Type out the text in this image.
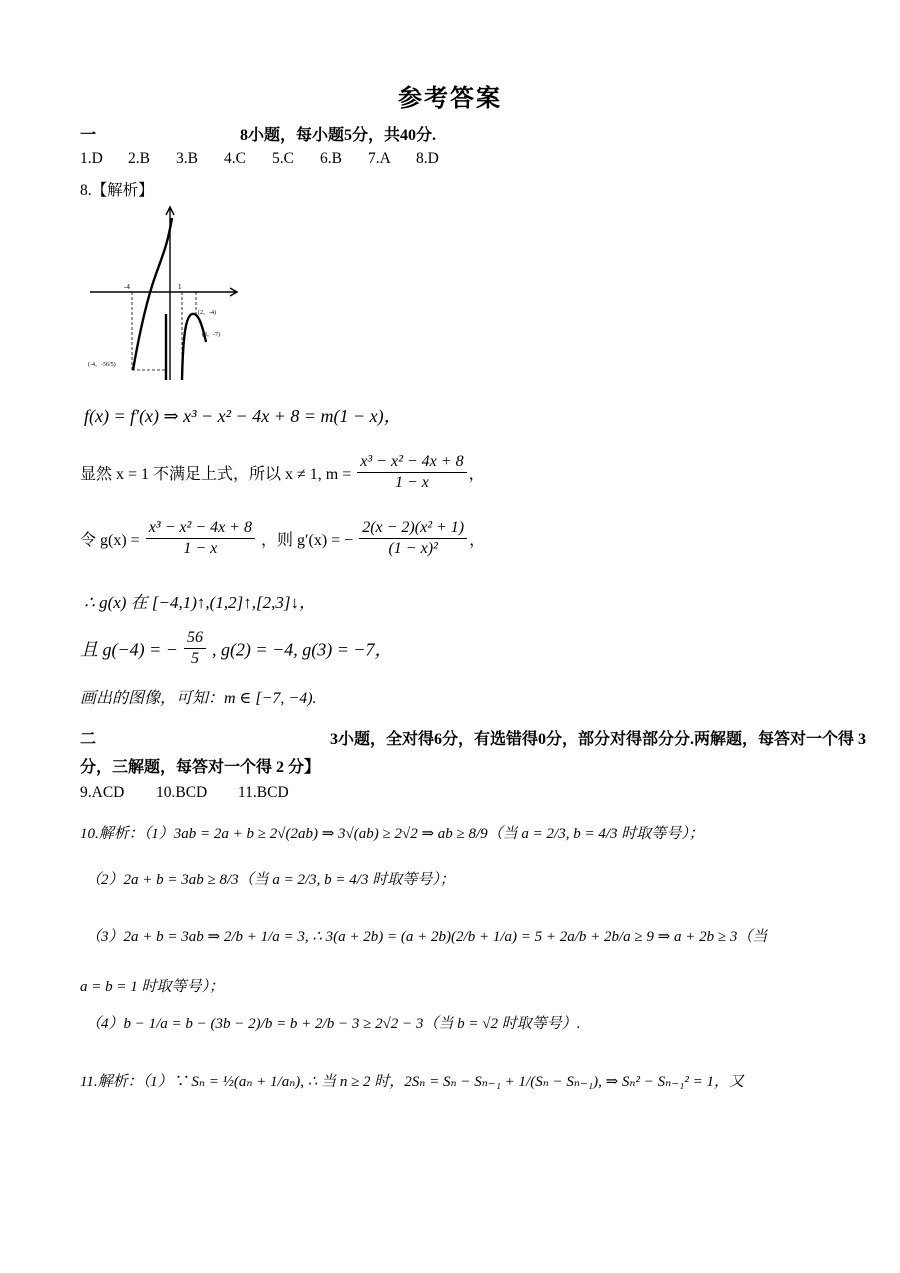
参考答案
一	8小题，每小题5分，共40分.
1.D 2.B 3.B 4.C 5.C 6.B 7.A 8.D
8.【解析】
-4	1
(2，-4)
(3，-7)
(-4，-56/5)
f(x) = f′(x) ⇒ x³ − x² − 4x + 8 = m(1 − x)，
显然 x = 1 不满足上式，所以 x ≠ 1, $m = \frac{\text{x³ − x² − 4x + 8}}{1 - x}$ ，
令 $g(x) = \frac{\text{x³ − x² − 4x + 8}}{1 - x}$ ，则 g′(x) = − $\frac{\text{2(x − 2)(x² + 1)}}{\text{(1 − x)²}}$ ，
∴ g(x) 在 [−4,1)↑,(1,2]↑,[2,3]↓，
且 g(−4) = − $\frac{56}{5}$ , g(2) = −4, g(3) = −7，
画出的图像，可知：m ∈ [−7, −4).
二	3小题，全对得6分，有选错得0分，部分对得部分分.两解题，每答对一个得 3
分，三解题，每答对一个得 2 分】
9.ACD 10.BCD 11.BCD
10.解析：（1）3ab = 2a + b ≥ 2√(2ab) ⇒ 3√(ab) ≥ 2√2 ⇒ ab ≥ 8/9（当 a = 2/3, b = 4/3 时取等号）；
（2）2a + b = 3ab ≥ 8/3（当 a = 2/3, b = 4/3 时取等号）；
（3）2a + b = 3ab ⇒ 2/b + 1/a = 3, ∴ 3(a + 2b) = (a + 2b)(2/b + 1/a) = 5 + 2a/b + 2b/a ≥ 9 ⇒ a + 2b ≥ 3（当
a = b = 1 时取等号）；
（4）b − 1/a = b − (3b − 2)/b = b + 2/b − 3 ≥ 2√2 − 3（当 b = √2 时取等号）.
11.解析：（1）∵ Sₙ = ½(aₙ + 1/aₙ), ∴ 当 n ≥ 2 时，2Sₙ = Sₙ − Sₙ₋₁ + 1/(Sₙ − Sₙ₋₁), ⇒ Sₙ² − Sₙ₋₁² = 1，又
